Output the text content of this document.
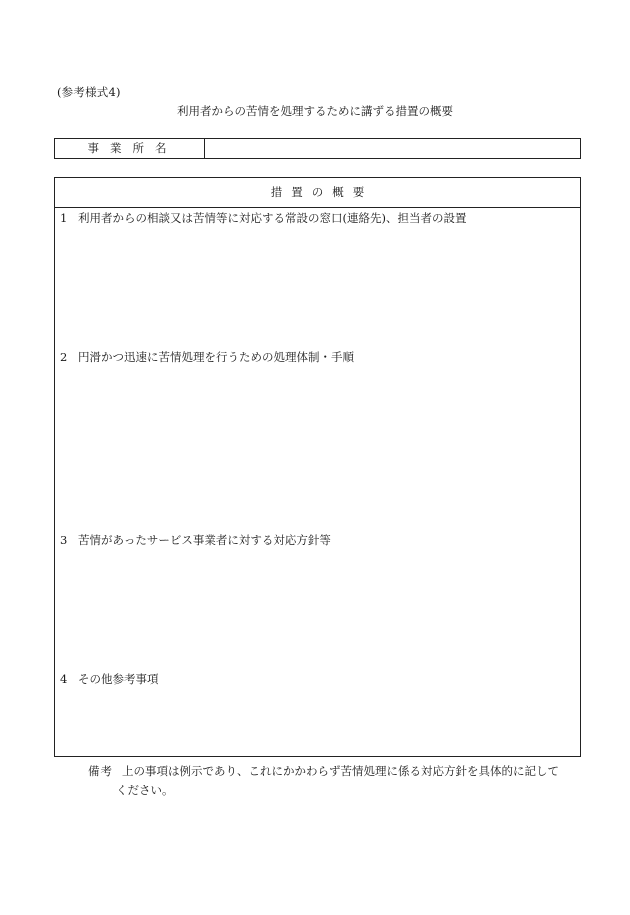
(参考様式4)
利用者からの苦情を処理するために講ずる措置の概要
事業所名
措置の概要
1 利用者からの相談又は苦情等に対応する常設の窓口(連絡先)、担当者の設置
2 円滑かつ迅速に苦情処理を行うための処理体制・手順
3 苦情があったサービス事業者に対する対応方針等
4 その他参考事項
備考 上の事項は例示であり、これにかかわらず苦情処理に係る対応方針を具体的に記して
ください。
